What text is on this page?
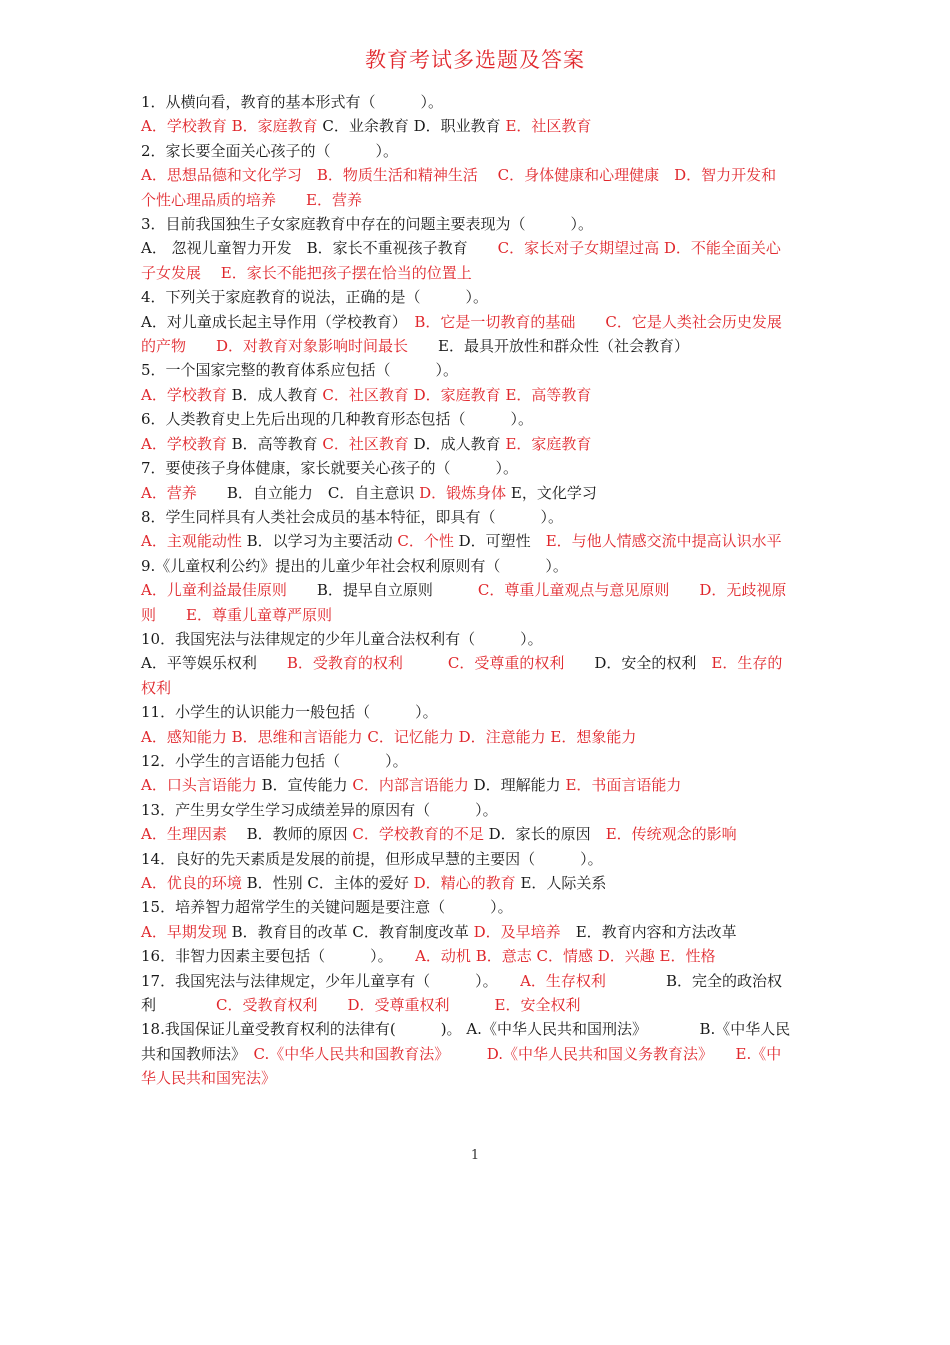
教育考试多选题及答案
1．从横向看，教育的基本形式有（　　　）。
A．学校教育 B．家庭教育 C．业余教育 D．职业教育 E．社区教育
2．家长要全面关心孩子的（　　　）。
A．思想品德和文化学习　B．物质生活和精神生活　 C．身体健康和心理健康　D．智力开发和个性心理品质的培养　　E．营养
3．目前我国独生子女家庭教育中存在的问题主要表现为（　　　）。
A． 忽视儿童智力开发　B．家长不重视孩子教育　　C．家长对子女期望过高 D．不能全面关心子女发展　 E．家长不能把孩子摆在恰当的位置上
4．下列关于家庭教育的说法，正确的是（　　　）。
A．对儿童成长起主导作用（学校教育）　B．它是一切教育的基础　　C．它是人类社会历史发展的产物　　D．对教育对象影响时间最长　　E．最具开放性和群众性（社会教育）
5．一个国家完整的教育体系应包括（　　　）。
A．学校教育 B．成人教育 C．社区教育 D．家庭教育 E．高等教育
6．人类教育史上先后出现的几种教育形态包括（　　　）。
A．学校教育 B．高等教育 C．社区教育 D．成人教育 E．家庭教育
7．要使孩子身体健康，家长就要关心孩子的（　　　）。
A．营养　　B．自立能力　C．自主意识 D．锻炼身体 E，文化学习
8．学生同样具有人类社会成员的基本特征，即具有（　　　）。
A．主观能动性 B．以学习为主要活动 C．个性 D．可塑性　E．与他人情感交流中提高认识水平
9.《儿童权利公约》提出的儿童少年社会权利原则有（　　　）。
A．儿童利益最佳原则　　B．提早自立原则　　　C．尊重儿童观点与意见原则　　D．无歧视原则　　E．尊重儿童尊严原则
10．我国宪法与法律规定的少年儿童合法权利有（　　　）。
A．平等娱乐权利　　B．受教育的权利　　　C．受尊重的权利　　D．安全的权利　E．生存的权利
11．小学生的认识能力一般包括（　　　）。
A．感知能力 B．思维和言语能力 C．记忆能力 D．注意能力 E．想象能力
12．小学生的言语能力包括（　　　）。
A．口头言语能力 B．宣传能力 C．内部言语能力 D．理解能力 E．书面言语能力
13．产生男女学生学习成绩差异的原因有（　　　）。
A．生理因素　 B．教师的原因 C．学校教育的不足 D．家长的原因　E．传统观念的影响
14．良好的先天素质是发展的前提，但形成早慧的主要因（　　　）。
A．优良的环境 B．性别 C．主体的爱好 D．精心的教育 E．人际关系
15．培养智力超常学生的关键问题是要注意（　　　）。
A．早期发现 B．教育目的改革 C．教育制度改革 D．及早培养　E．教育内容和方法改革
16．非智力因素主要包括（　　　）。　　A．动机 B．意志 C．情感 D．兴趣 E．性格
17．我国宪法与法律规定，少年儿童享有（　　　）。　　A．生存权利　　　　B．完全的政治权利　　　　C．受教育权利　　D．受尊重权利　　　E．安全权利
18.我国保证儿童受教育权利的法律有(　　　)。 A.《中华人民共和国刑法》　　　　B.《中华人民共和国教师法》　C.《中华人民共和国教育法》　　　D.《中华人民共和国义务教育法》　　E.《中华人民共和国宪法》
1
